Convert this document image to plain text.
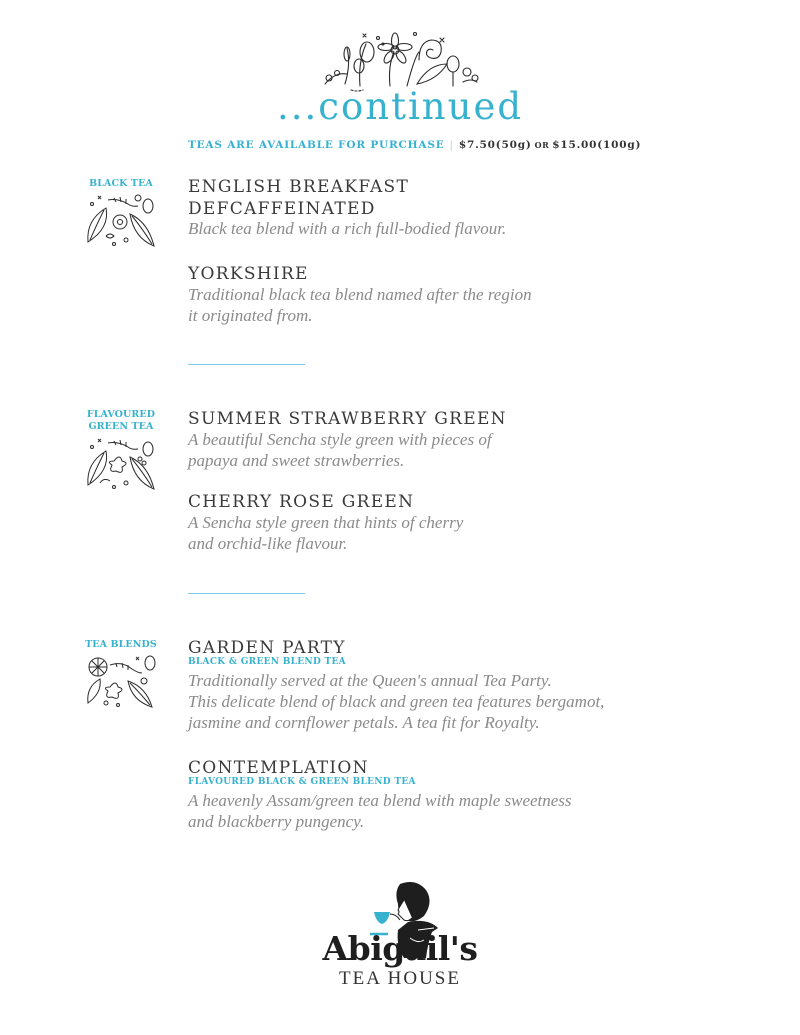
...continued
TEAS ARE AVAILABLE FOR PURCHASE | $7.50(50g) OR $15.00(100g)
BLACK TEA	ENGLISH BREAKFAST
DEFCAFFEINATED
Black tea blend with a rich full-bodied flavour.
YORKSHIRE
Traditional black tea blend named after the region
it originated from.
FLAVOURED
GREEN TEA	SUMMER STRAWBERRY GREEN
A beautiful Sencha style green with pieces of
papaya and sweet strawberries.
CHERRY ROSE GREEN
A Sencha style green that hints of cherry
and orchid-like flavour.
TEA BLENDS	GARDEN PARTY
BLACK & GREEN BLEND TEA
Traditionally served at the Queen's annual Tea Party.
This delicate blend of black and green tea features bergamot,
jasmine and cornflower petals. A tea fit for Royalty.
CONTEMPLATION
FLAVOURED BLACK & GREEN BLEND TEA
A heavenly Assam/green tea blend with maple sweetness
and blackberry pungency.
Abigail's
TEA HOUSE
